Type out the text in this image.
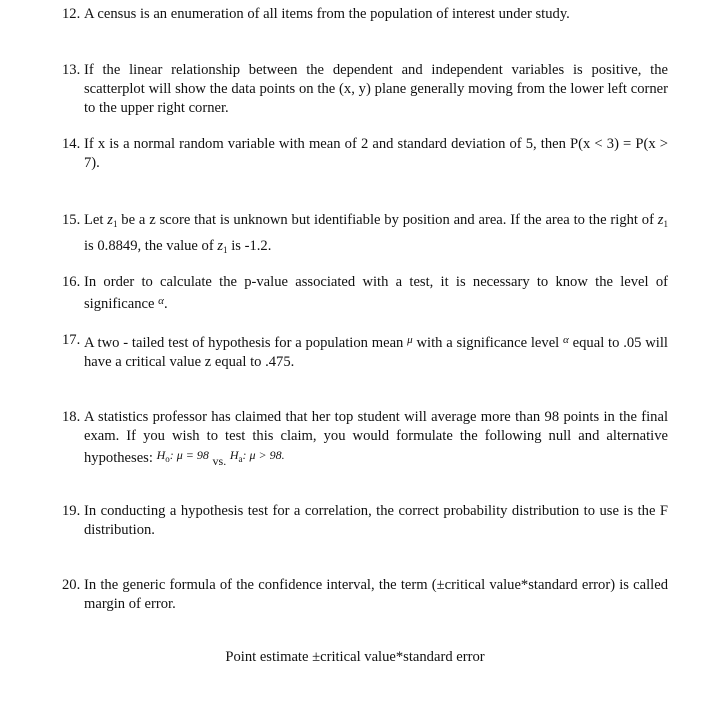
12. A census is an enumeration of all items from the population of interest under study.
13. If the linear relationship between the dependent and independent variables is positive, the scatterplot will show the data points on the (x, y) plane generally moving from the lower left corner to the upper right corner.
14. If x is a normal random variable with mean of 2 and standard deviation of 5, then P(x < 3) = P(x > 7).
15. Let $z_1$ be a z score that is unknown but identifiable by position and area. If the area to the right of $z_1$ is 0.8849, the value of $z_1$ is -1.2.
16. In order to calculate the p-value associated with a test, it is necessary to know the level of significance $^\alpha$.
17. A two - tailed test of hypothesis for a population mean $^\mu$ with a significance level $^\alpha$ equal to .05 will have a critical value z equal to .475.
18. A statistics professor has claimed that her top student will average more than 98 points in the final exam. If you wish to test this claim, you would formulate the following null and alternative hypotheses: $^{H_o: \mu = 98}$ $_{vs.}$ $^{H_a: \mu > 98.}$
19. In conducting a hypothesis test for a correlation, the correct probability distribution to use is the F distribution.
20. In the generic formula of the confidence interval, the term (±critical value*standard error) is called margin of error.
Point estimate ±critical value*standard error
